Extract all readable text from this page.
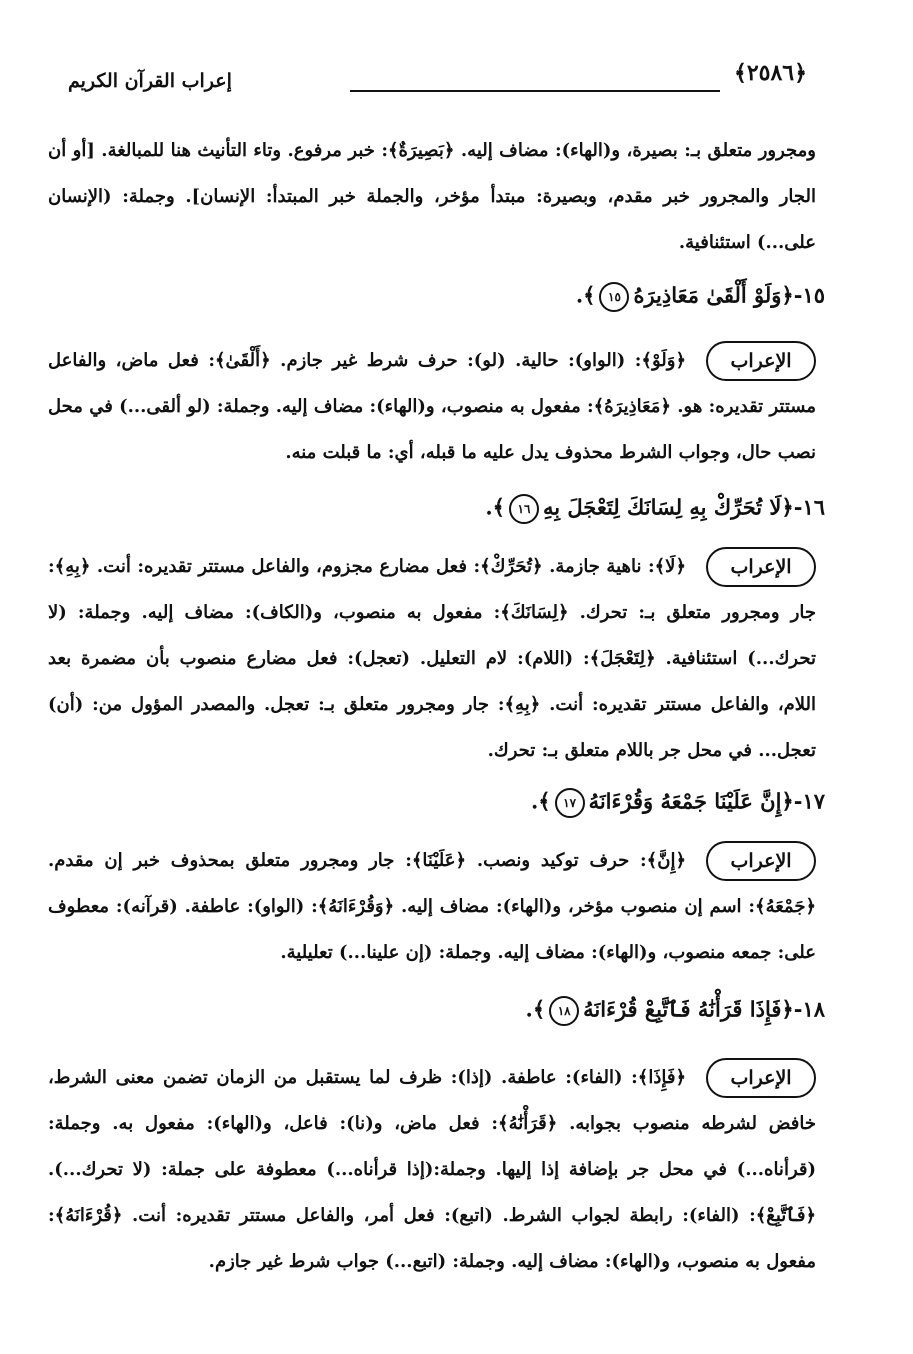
إعراب القرآن الكريم	﴿٢٥٨٦﴾
ومجرور متعلق بـ: بصيرة، و(الهاء): مضاف إليه. ﴿بَصِيرَةٌ﴾: خبر مرفوع. وتاء التأنيث هنا للمبالغة. [أو أن الجار والمجرور خبر مقدم، وبصيرة: مبتدأ مؤخر، والجملة خبر المبتدأ: الإنسان]. وجملة: (الإنسان على...) استئنافية.
١٥-﴿وَلَوْ أَلْقَىٰ مَعَاذِيرَهُ١٥﴾.
الإعراب
﴿وَلَوْ﴾: (الواو): حالية. (لو): حرف شرط غير جازم. ﴿أَلْقَىٰ﴾: فعل ماض، والفاعل مستتر تقديره: هو. ﴿مَعَاذِيرَهُ﴾: مفعول به منصوب، و(الهاء): مضاف إليه. وجملة: (لو ألقى...) في محل نصب حال، وجواب الشرط محذوف يدل عليه ما قبله، أي: ما قبلت منه.
١٦-﴿لَا تُحَرِّكْ بِهِ لِسَانَكَ لِتَعْجَلَ بِهِ١٦﴾.
الإعراب
﴿لَا﴾: ناهية جازمة. ﴿تُحَرِّكْ﴾: فعل مضارع مجزوم، والفاعل مستتر تقديره: أنت. ﴿بِهِ﴾: جار ومجرور متعلق بـ: تحرك. ﴿لِسَانَكَ﴾: مفعول به منصوب، و(الكاف): مضاف إليه. وجملة: (لا تحرك...) استئنافية. ﴿لِتَعْجَلَ﴾: (اللام): لام التعليل. (تعجل): فعل مضارع منصوب بأن مضمرة بعد اللام، والفاعل مستتر تقديره: أنت. ﴿بِهِ﴾: جار ومجرور متعلق بـ: تعجل. والمصدر المؤول من: (أن) تعجل... في محل جر باللام متعلق بـ: تحرك.
١٧-﴿إِنَّ عَلَيْنَا جَمْعَهُ وَقُرْءَانَهُ١٧﴾.
الإعراب
﴿إِنَّ﴾: حرف توكيد ونصب. ﴿عَلَيْنَا﴾: جار ومجرور متعلق بمحذوف خبر إن مقدم. ﴿جَمْعَهُ﴾: اسم إن منصوب مؤخر، و(الهاء): مضاف إليه. ﴿وَقُرْءَانَهُ﴾: (الواو): عاطفة. (قرآنه): معطوف على: جمعه منصوب، و(الهاء): مضاف إليه. وجملة: (إن علينا...) تعليلية.
١٨-﴿فَإِذَا قَرَأْنَٰهُ فَٱتَّبِعْ قُرْءَانَهُ١٨﴾.
الإعراب
﴿فَإِذَا﴾: (الفاء): عاطفة. (إذا): ظرف لما يستقبل من الزمان تضمن معنى الشرط، خافض لشرطه منصوب بجوابه. ﴿قَرَأْنَٰهُ﴾: فعل ماض، و(نا): فاعل، و(الهاء): مفعول به. وجملة: (قرأناه...) في محل جر بإضافة إذا إليها. وجملة:(إذا قرأناه...) معطوفة على جملة: (لا تحرك...). ﴿فَٱتَّبِعْ﴾: (الفاء): رابطة لجواب الشرط. (اتبع): فعل أمر، والفاعل مستتر تقديره: أنت. ﴿قُرْءَانَهُ﴾: مفعول به منصوب، و(الهاء): مضاف إليه. وجملة: (اتبع...) جواب شرط غير جازم.
